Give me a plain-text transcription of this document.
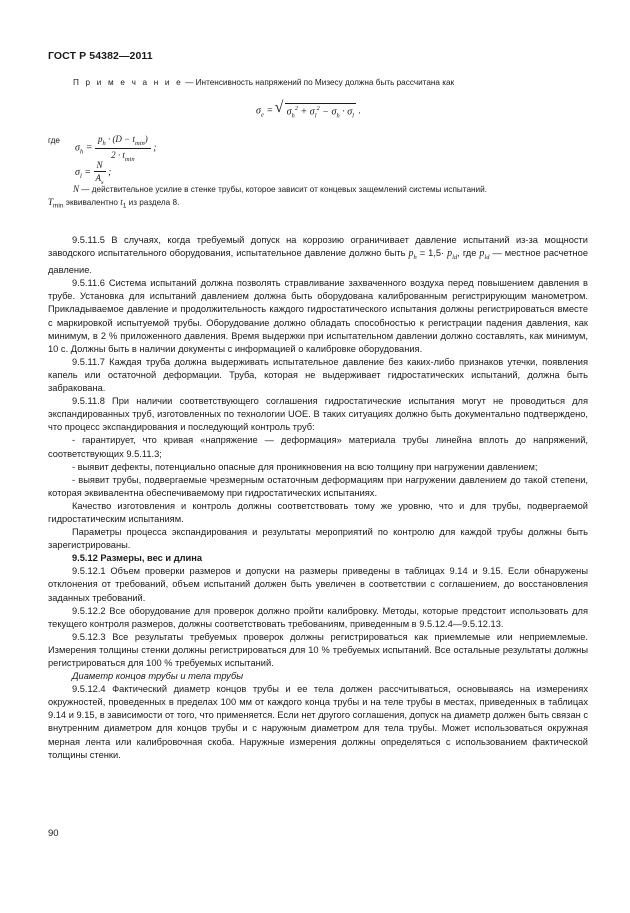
ГОСТ Р 54382—2011
П р и м е ч а н и е — Интенсивность напряжений по Мизесу должна быть рассчитана как
$\sigma_e$ = √ $\sigma_h^2 + \sigma_l^2 - \sigma_h \cdot \sigma_l$ .
где
$\sigma_h = \frac{p_h \cdot (D - t_{min})}{2 \cdot t_{min}}$ ;
$\sigma_l = \frac{N}{A_s}$ ;
N — действительное усилие в стенке трубы, которое зависит от концевых защемлений системы испытаний.
$T_{min}$ эквивалентно $t_1$ из раздела 8.

9.5.11.5 В случаях, когда требуемый допуск на коррозию ограничивает давление испытаний из-за мощности заводского испытательного оборудования, испытательное давление должно быть $p_h = 1,5\cdot p_{ld}$, где $p_{ld}$ — местное расчетное давление.

9.5.11.6 Система испытаний должна позволять стравливание захваченного воздуха перед повышением давления в трубе. Установка для испытаний давлением должна быть оборудована калиброванным регистрирующим манометром. Прикладываемое давление и продолжительность каждого гидростатического испытания должны регистрироваться вместе с маркировкой испытуемой трубы. Оборудование должно обладать способностью к регистрации падения давления, как минимум, в 2 % приложенного давления. Время выдержки при испытательном давлении должно составлять, как минимум, 10 с. Должны быть в наличии документы с информацией о калибровке оборудования.

9.5.11.7 Каждая труба должна выдерживать испытательное давление без каких-либо признаков утечки, появления капель или остаточной деформации. Труба, которая не выдерживает гидростатических испытаний, должна быть забракована.

9.5.11.8 При наличии соответствующего соглашения гидростатические испытания могут не проводиться для экспандированных труб, изготовленных по технологии UOE. В таких ситуациях должно быть документально подтверждено, что процесс экспандирования и последующий контроль труб:

- гарантирует, что кривая «напряжение — деформация» материала трубы линейна вплоть до напряжений, соответствующих 9.5.11.3;

- выявит дефекты, потенциально опасные для проникновения на всю толщину при нагружении давлением;

- выявит трубы, подвергаемые чрезмерным остаточным деформациям при нагружении давлением до такой степени, которая эквивалентна обеспечиваемому при гидростатических испытаниях.

Качество изготовления и контроль должны соответствовать тому же уровню, что и для трубы, подвергаемой гидростатическим испытаниям.

Параметры процесса экспандирования и результаты мероприятий по контролю для каждой трубы должны быть зарегистрированы.

9.5.12 Размеры, вес и длина

9.5.12.1 Объем проверки размеров и допуски на размеры приведены в таблицах 9.14 и 9.15. Если обнаружены отклонения от требований, объем испытаний должен быть увеличен в соответствии с соглашением, до восстановления заданных требований.

9.5.12.2 Все оборудование для проверок должно пройти калибровку. Методы, которые предстоит использовать для текущего контроля размеров, должны соответствовать требованиям, приведенным в 9.5.12.4—9.5.12.13.

9.5.12.3 Все результаты требуемых проверок должны регистрироваться как приемлемые или неприемлемые. Измерения толщины стенки должны регистрироваться для 10 % требуемых испытаний. Все остальные результаты должны регистрироваться для 100 % требуемых испытаний.

Диаметр концов трубы и тела трубы

9.5.12.4 Фактический диаметр концов трубы и ее тела должен рассчитываться, основываясь на измерениях окружностей, проведенных в пределах 100 мм от каждого конца трубы и на теле трубы в местах, приведенных в таблицах 9.14 и 9.15, в зависимости от того, что применяется. Если нет другого соглашения, допуск на диаметр должен быть связан с внутренним диаметром для концов трубы и с наружным диаметром для тела трубы. Может использоваться окружная мерная лента или калибровочная скоба. Наружные измерения должны определяться с использованием фактической толщины стенки.

90
